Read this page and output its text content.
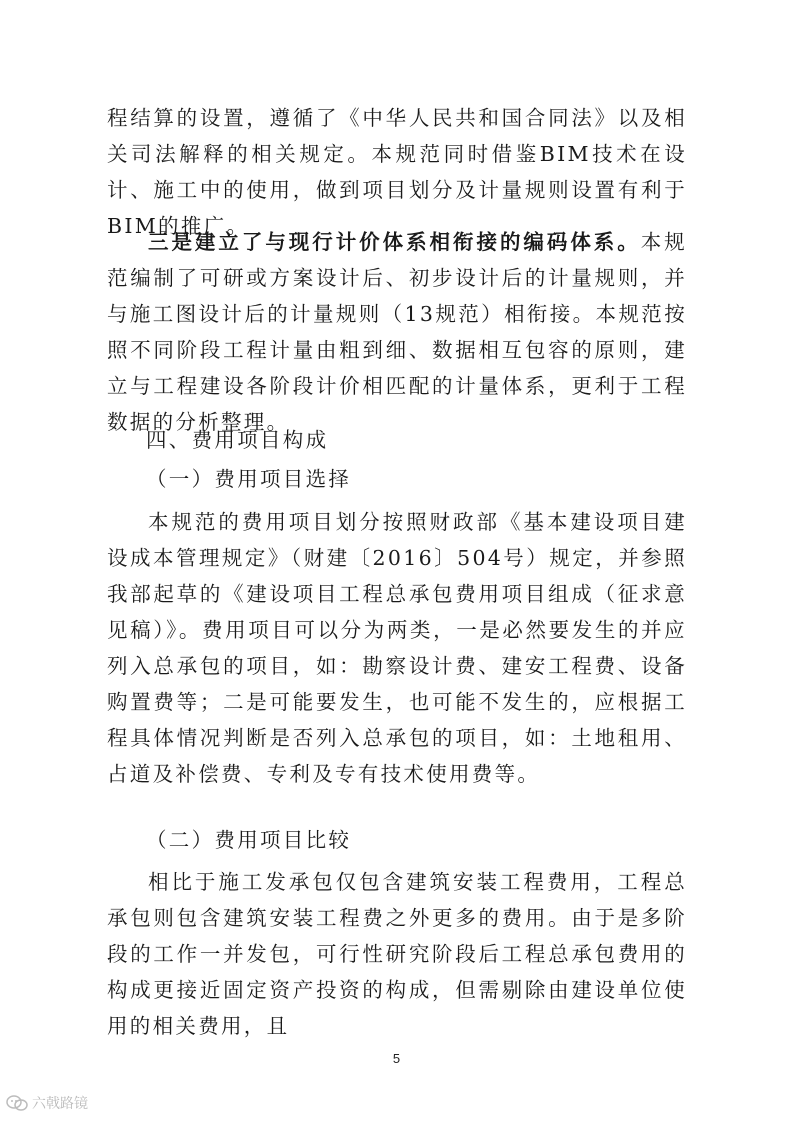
程结算的设置，遵循了《中华人民共和国合同法》以及相关司法解释的相关规定。本规范同时借鉴BIM技术在设计、施工中的使用，做到项目划分及计量规则设置有利于BIM的推广。

三是建立了与现行计价体系相衔接的编码体系。本规范编制了可研或方案设计后、初步设计后的计量规则，并与施工图设计后的计量规则（13规范）相衔接。本规范按照不同阶段工程计量由粗到细、数据相互包容的原则，建立与工程建设各阶段计价相匹配的计量体系，更利于工程数据的分析整理。

四、费用项目构成

（一）费用项目选择

本规范的费用项目划分按照财政部《基本建设项目建设成本管理规定》（财建〔2016〕504号）规定，并参照我部起草的《建设项目工程总承包费用项目组成（征求意见稿）》。费用项目可以分为两类，一是必然要发生的并应列入总承包的项目，如：勘察设计费、建安工程费、设备购置费等；二是可能要发生，也可能不发生的，应根据工程具体情况判断是否列入总承包的项目，如：土地租用、占道及补偿费、专利及专有技术使用费等。

（二）费用项目比较

相比于施工发承包仅包含建筑安装工程费用，工程总承包则包含建筑安装工程费之外更多的费用。由于是多阶段的工作一并发包，可行性研究阶段后工程总承包费用的构成更接近固定资产投资的构成，但需剔除由建设单位使用的相关费用，且

5
六戟路镜
